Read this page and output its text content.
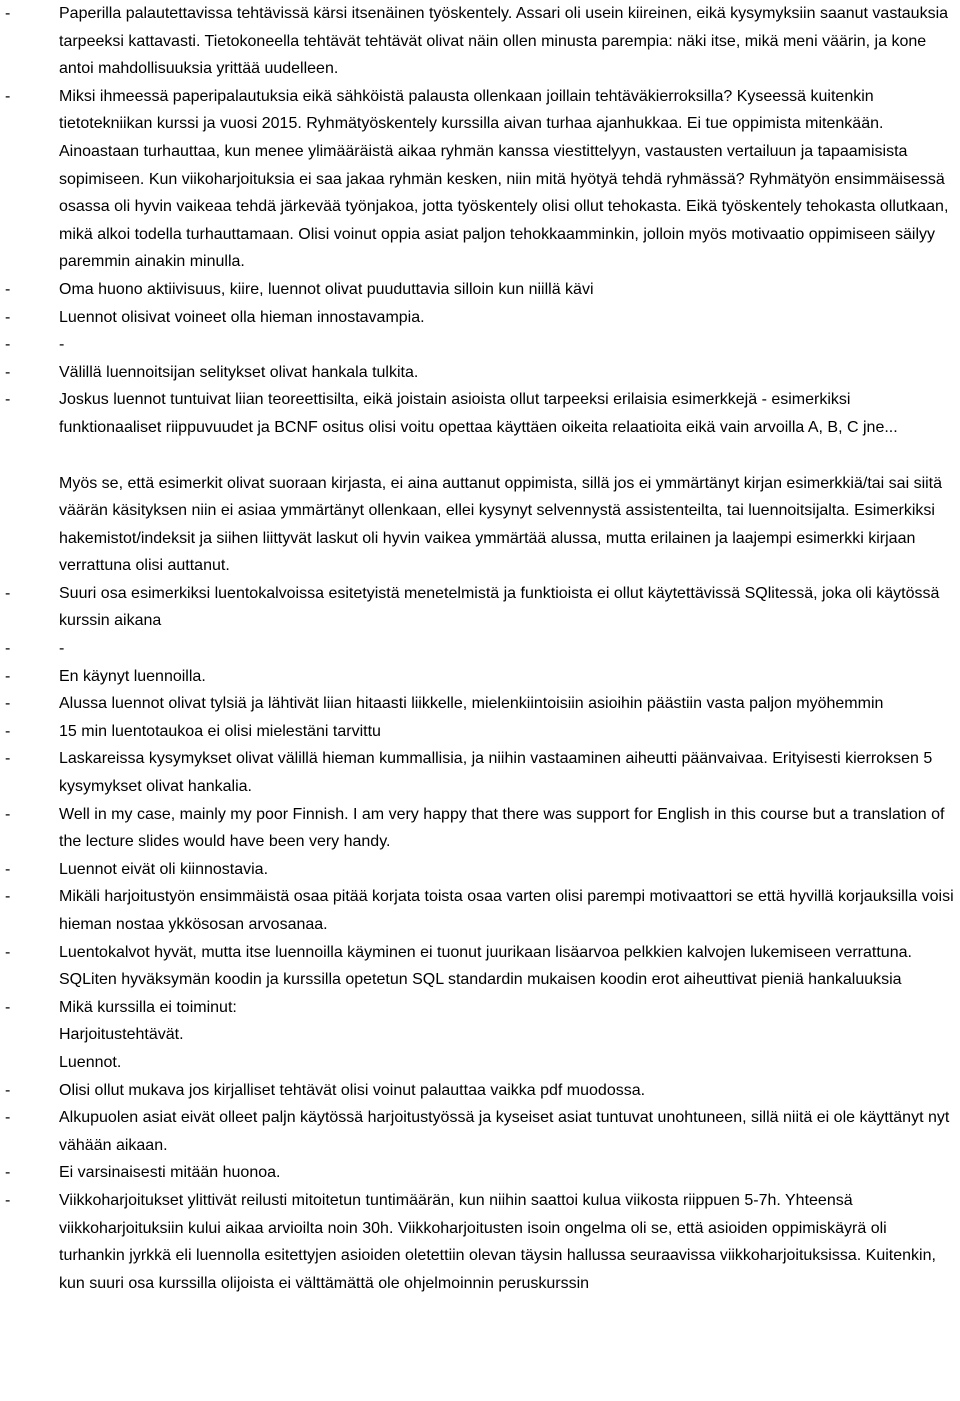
-	Paperilla palautettavissa tehtävissä kärsi itsenäinen työskentely. Assari oli usein kiireinen, eikä kysymyksiin saanut vastauksia tarpeeksi kattavasti. Tietokoneella tehtävät tehtävät olivat näin ollen minusta parempia: näki itse, mikä meni väärin, ja kone antoi mahdollisuuksia yrittää uudelleen.
-	Miksi ihmeessä paperipalautuksia eikä sähköistä palausta ollenkaan joillain tehtäväkierroksilla? Kyseessä kuitenkin tietotekniikan kurssi ja vuosi 2015. Ryhmätyöskentely kurssilla aivan turhaa ajanhukkaa. Ei tue oppimista mitenkään. Ainoastaan turhauttaa, kun menee ylimääräistä aikaa ryhmän kanssa viestittelyyn, vastausten vertailuun ja tapaamisista sopimiseen. Kun viikoharjoituksia ei saa jakaa ryhmän kesken, niin mitä hyötyä tehdä ryhmässä? Ryhmätyön ensimmäisessä osassa oli hyvin vaikeaa tehdä järkevää työnjakoa, jotta työskentely olisi ollut tehokasta. Eikä työskentely tehokasta ollutkaan, mikä alkoi todella turhauttamaan. Olisi voinut oppia asiat paljon tehokkaamminkin, jolloin myös motivaatio oppimiseen säilyy paremmin ainakin minulla.
-	Oma huono aktiivisuus, kiire, luennot olivat puuduttavia silloin kun niillä kävi
-	Luennot olisivat voineet olla hieman innostavampia.
-	-
-	Välillä luennoitsijan selitykset olivat hankala tulkita.
-	Joskus luennot tuntuivat liian teoreettisilta, eikä joistain asioista ollut tarpeeksi erilaisia esimerkkejä - esimerkiksi funktionaaliset riippuvuudet ja BCNF ositus olisi voitu opettaa käyttäen oikeita relaatioita eikä vain arvoilla A, B, C jne...

Myös se, että esimerkit olivat suoraan kirjasta, ei aina auttanut oppimista, sillä jos ei ymmärtänyt kirjan esimerkkiä/tai sai siitä väärän käsityksen niin ei asiaa ymmärtänyt ollenkaan, ellei kysynyt selvennystä assistenteilta, tai luennoitsijalta. Esimerkiksi hakemistot/indeksit ja siihen liittyvät laskut oli hyvin vaikea ymmärtää alussa, mutta erilainen ja laajempi esimerkki kirjaan verrattuna olisi auttanut.

-	Suuri osa esimerkiksi luentokalvoissa esitetyistä menetelmistä ja funktioista ei ollut käytettävissä SQlitessä, joka oli käytössä kurssin aikana
-	-
-	En käynyt luennoilla.
-	Alussa luennot olivat tylsiä ja lähtivät liian hitaasti liikkelle, mielenkiintoisiin asioihin päästiin vasta paljon myöhemmin
-	15 min luentotaukoa ei olisi mielestäni tarvittu
-	Laskareissa kysymykset olivat välillä hieman kummallisia, ja niihin vastaaminen aiheutti päänvaivaa. Erityisesti kierroksen 5 kysymykset olivat hankalia.
-	Well in my case, mainly my poor Finnish. I am very happy that there was support for English in this course but a translation of the lecture slides would have been very handy.
-	Luennot eivät oli kiinnostavia.
-	Mikäli harjoitustyön ensimmäistä osaa pitää korjata toista osaa varten olisi parempi motivaattori se että hyvillä korjauksilla voisi hieman nostaa ykkösosan arvosanaa.
-	Luentokalvot hyvät, mutta itse luennoilla käyminen ei tuonut juurikaan lisäarvoa pelkkien kalvojen lukemiseen verrattuna. SQLiten hyväksymän koodin ja kurssilla opetetun SQL standardin mukaisen koodin erot aiheuttivat pieniä hankaluuksia
-	Mikä kurssilla ei toiminut:
Harjoitustehtävät.
Luennot.
-	Olisi ollut mukava jos kirjalliset tehtävät olisi voinut palauttaa vaikka pdf muodossa.
-	Alkupuolen asiat eivät olleet paljn käytössä harjoitustyössä ja kyseiset asiat tuntuvat unohtuneen, sillä niitä ei ole käyttänyt nyt vähään aikaan.
-	Ei varsinaisesti mitään huonoa.
-	Viikkoharjoitukset ylittivät reilusti mitoitetun tuntimäärän, kun niihin saattoi kulua viikosta riippuen 5-7h. Yhteensä viikkoharjoituksiin kului aikaa arvioilta noin 30h. Viikkoharjoitusten isoin ongelma oli se, että asioiden oppimiskäyrä oli turhankin jyrkkä eli luennolla esitettyjen asioiden oletettiin olevan täysin hallussa seuraavissa viikkoharjoituksissa. Kuitenkin, kun suuri osa kurssilla olijoista ei välttämättä ole ohjelmoinnin peruskurssin
